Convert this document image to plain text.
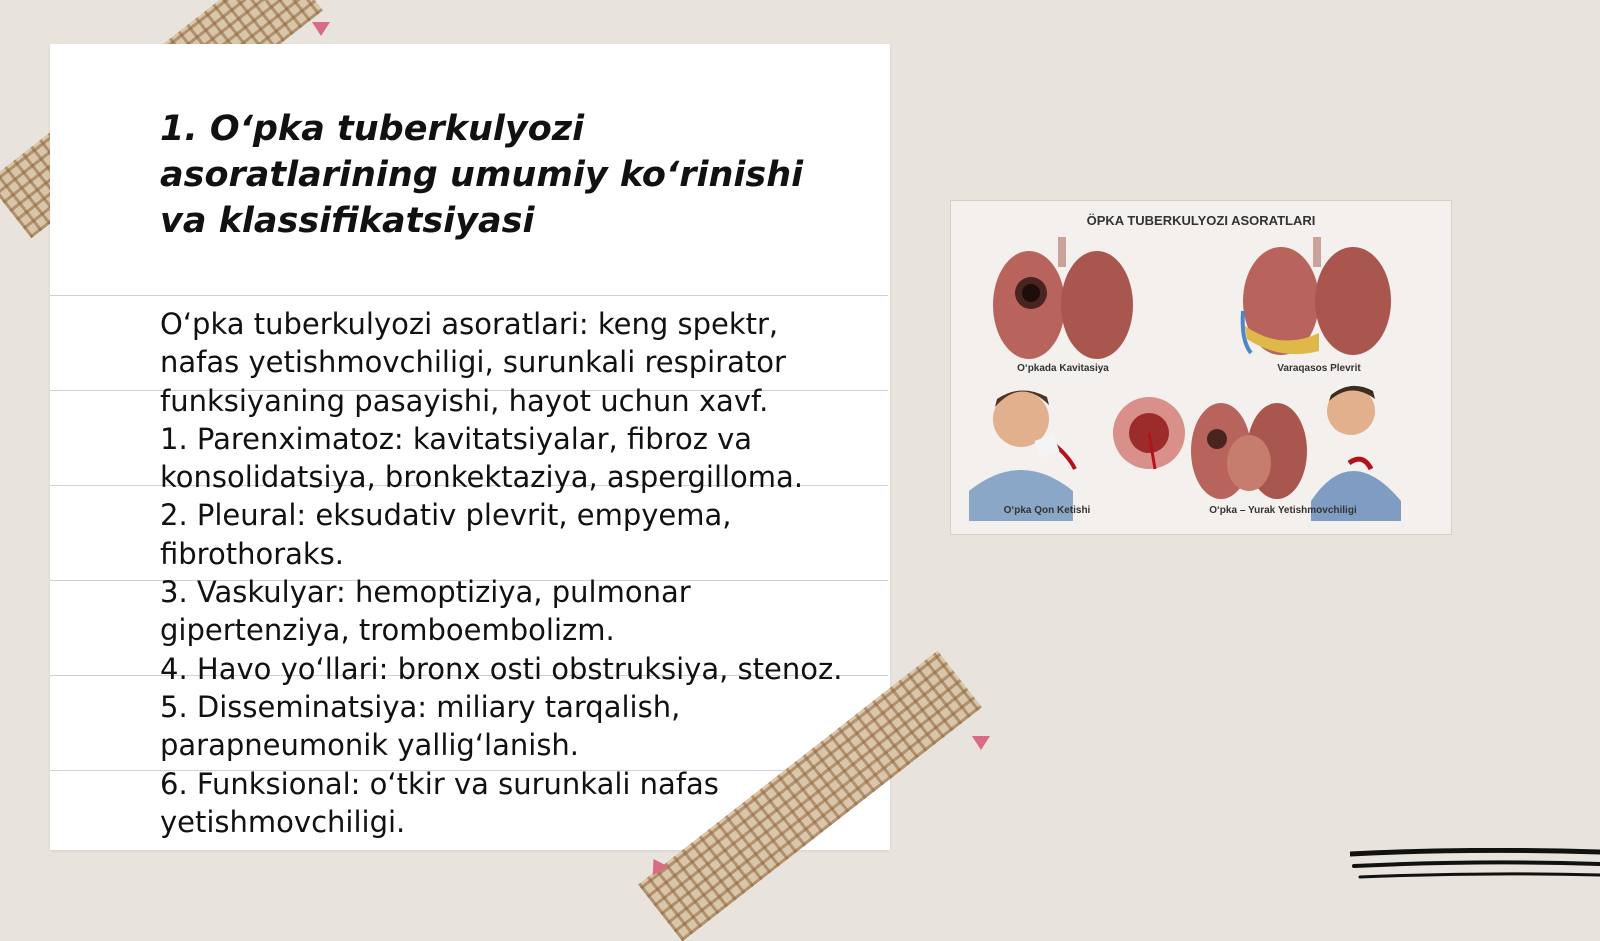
1. O‘pka tuberkulyozi asoratlarining umumiy ko‘rinishi va klassifikatsiyasi

O‘pka tuberkulyozi asoratlari: keng spektr, nafas yetishmovchiligi, surunkali respirator funksiyaning pasayishi, hayot uchun xavf.

1. Parenximatoz: kavitatsiyalar, fibroz va konsolidatsiya, bronkektaziya, aspergilloma.

2. Pleural: eksudativ plevrit, empyema, fibrothoraks.

3. Vaskulyar: hemoptiziya, pulmonar gipertenziya, tromboembolizm.

4. Havo yo‘llari: bronx osti obstruksiya, stenoz.

5. Disseminatsiya: miliary tarqalish, parapneumonik yallig‘lanish.

6. Funksional: o‘tkir va surunkali nafas yetishmovchiligi.

ÖPKA TUBERKULYOZI ASORATLARI
O‘pkada Kavitasiya	Varaqasos Plevrit
O‘pka Qon Ketishi	O‘pka – Yurak Yetishmovchiligi
